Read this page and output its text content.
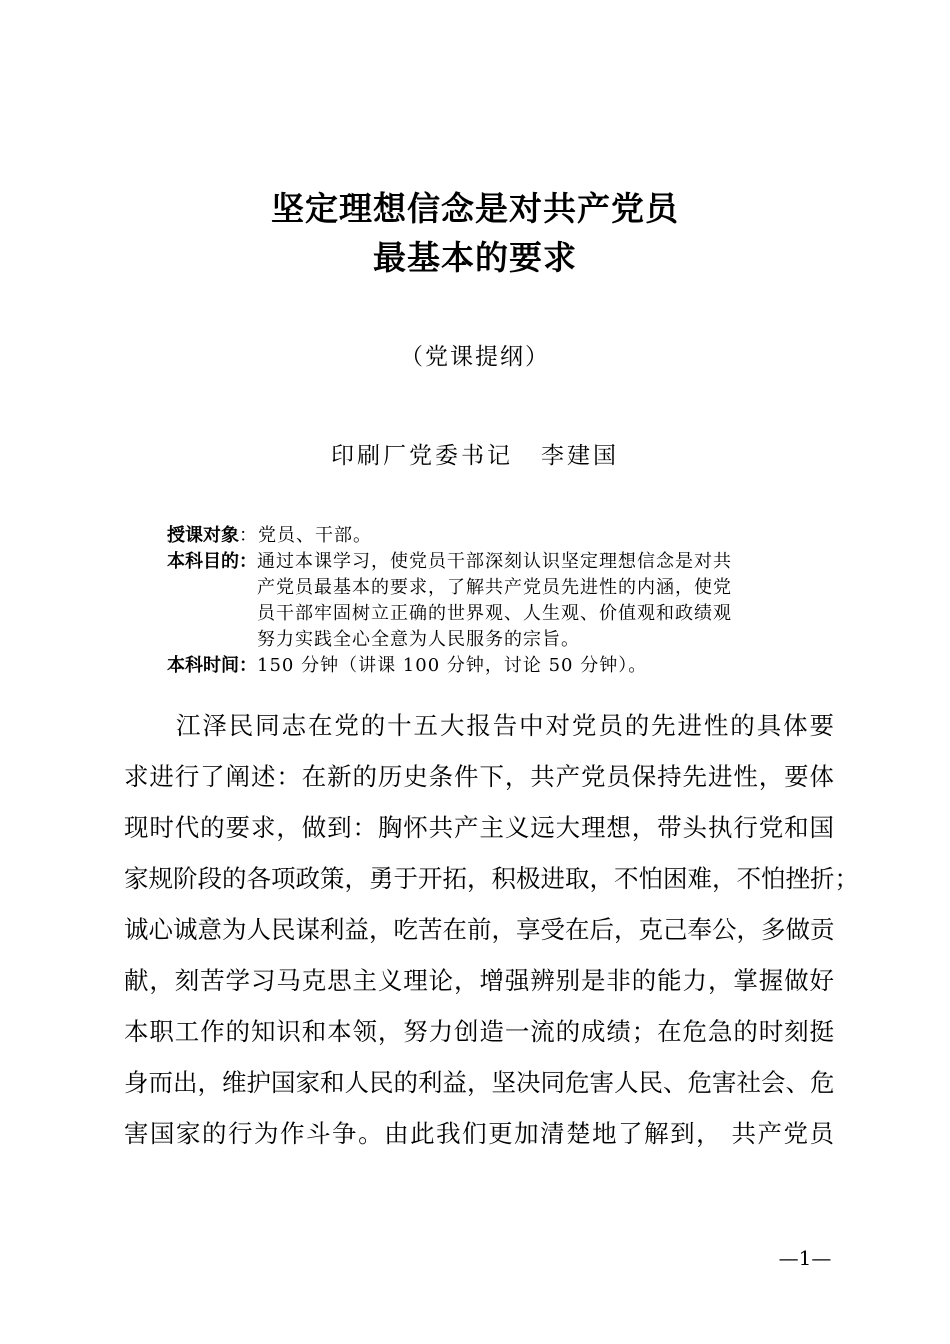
坚定理想信念是对共产党员
最基本的要求
（党课提纲）
印刷厂党委书记 李建国
授课对象 ：党员、干部。
本科目的： 通过本课学习，使党员干部深刻认识坚定理想信念是对共
产党员最基本的要求，了解共产党员先进性的内涵，使党
员干部牢固树立正确的世界观、人生观、价值观和政绩观
努力实践全心全意为人民服务的宗旨。
本科时间： 150 分钟（讲课 100 分钟，讨论 50 分钟）。
江泽民同志在党的十五大报告中对党员的先进性的具体要
求进行了阐述：在新的历史条件下，共产党员保持先进性，要体
现时代的要求，做到：胸怀共产主义远大理想，带头执行党和国
家规阶段的各项政策，勇于开拓，积极进取，不怕困难，不怕挫折；
诚心诚意为人民谋利益，吃苦在前，享受在后，克己奉公，多做贡
献，刻苦学习马克思主义理论，增强辨别是非的能力，掌握做好
本职工作的知识和本领，努力创造一流的成绩；在危急的时刻挺
身而出，维护国家和人民的利益，坚决同危害人民、危害社会、危
害国家的行为作斗争。由此我们更加清楚地了解到， 共产党员
—1—
